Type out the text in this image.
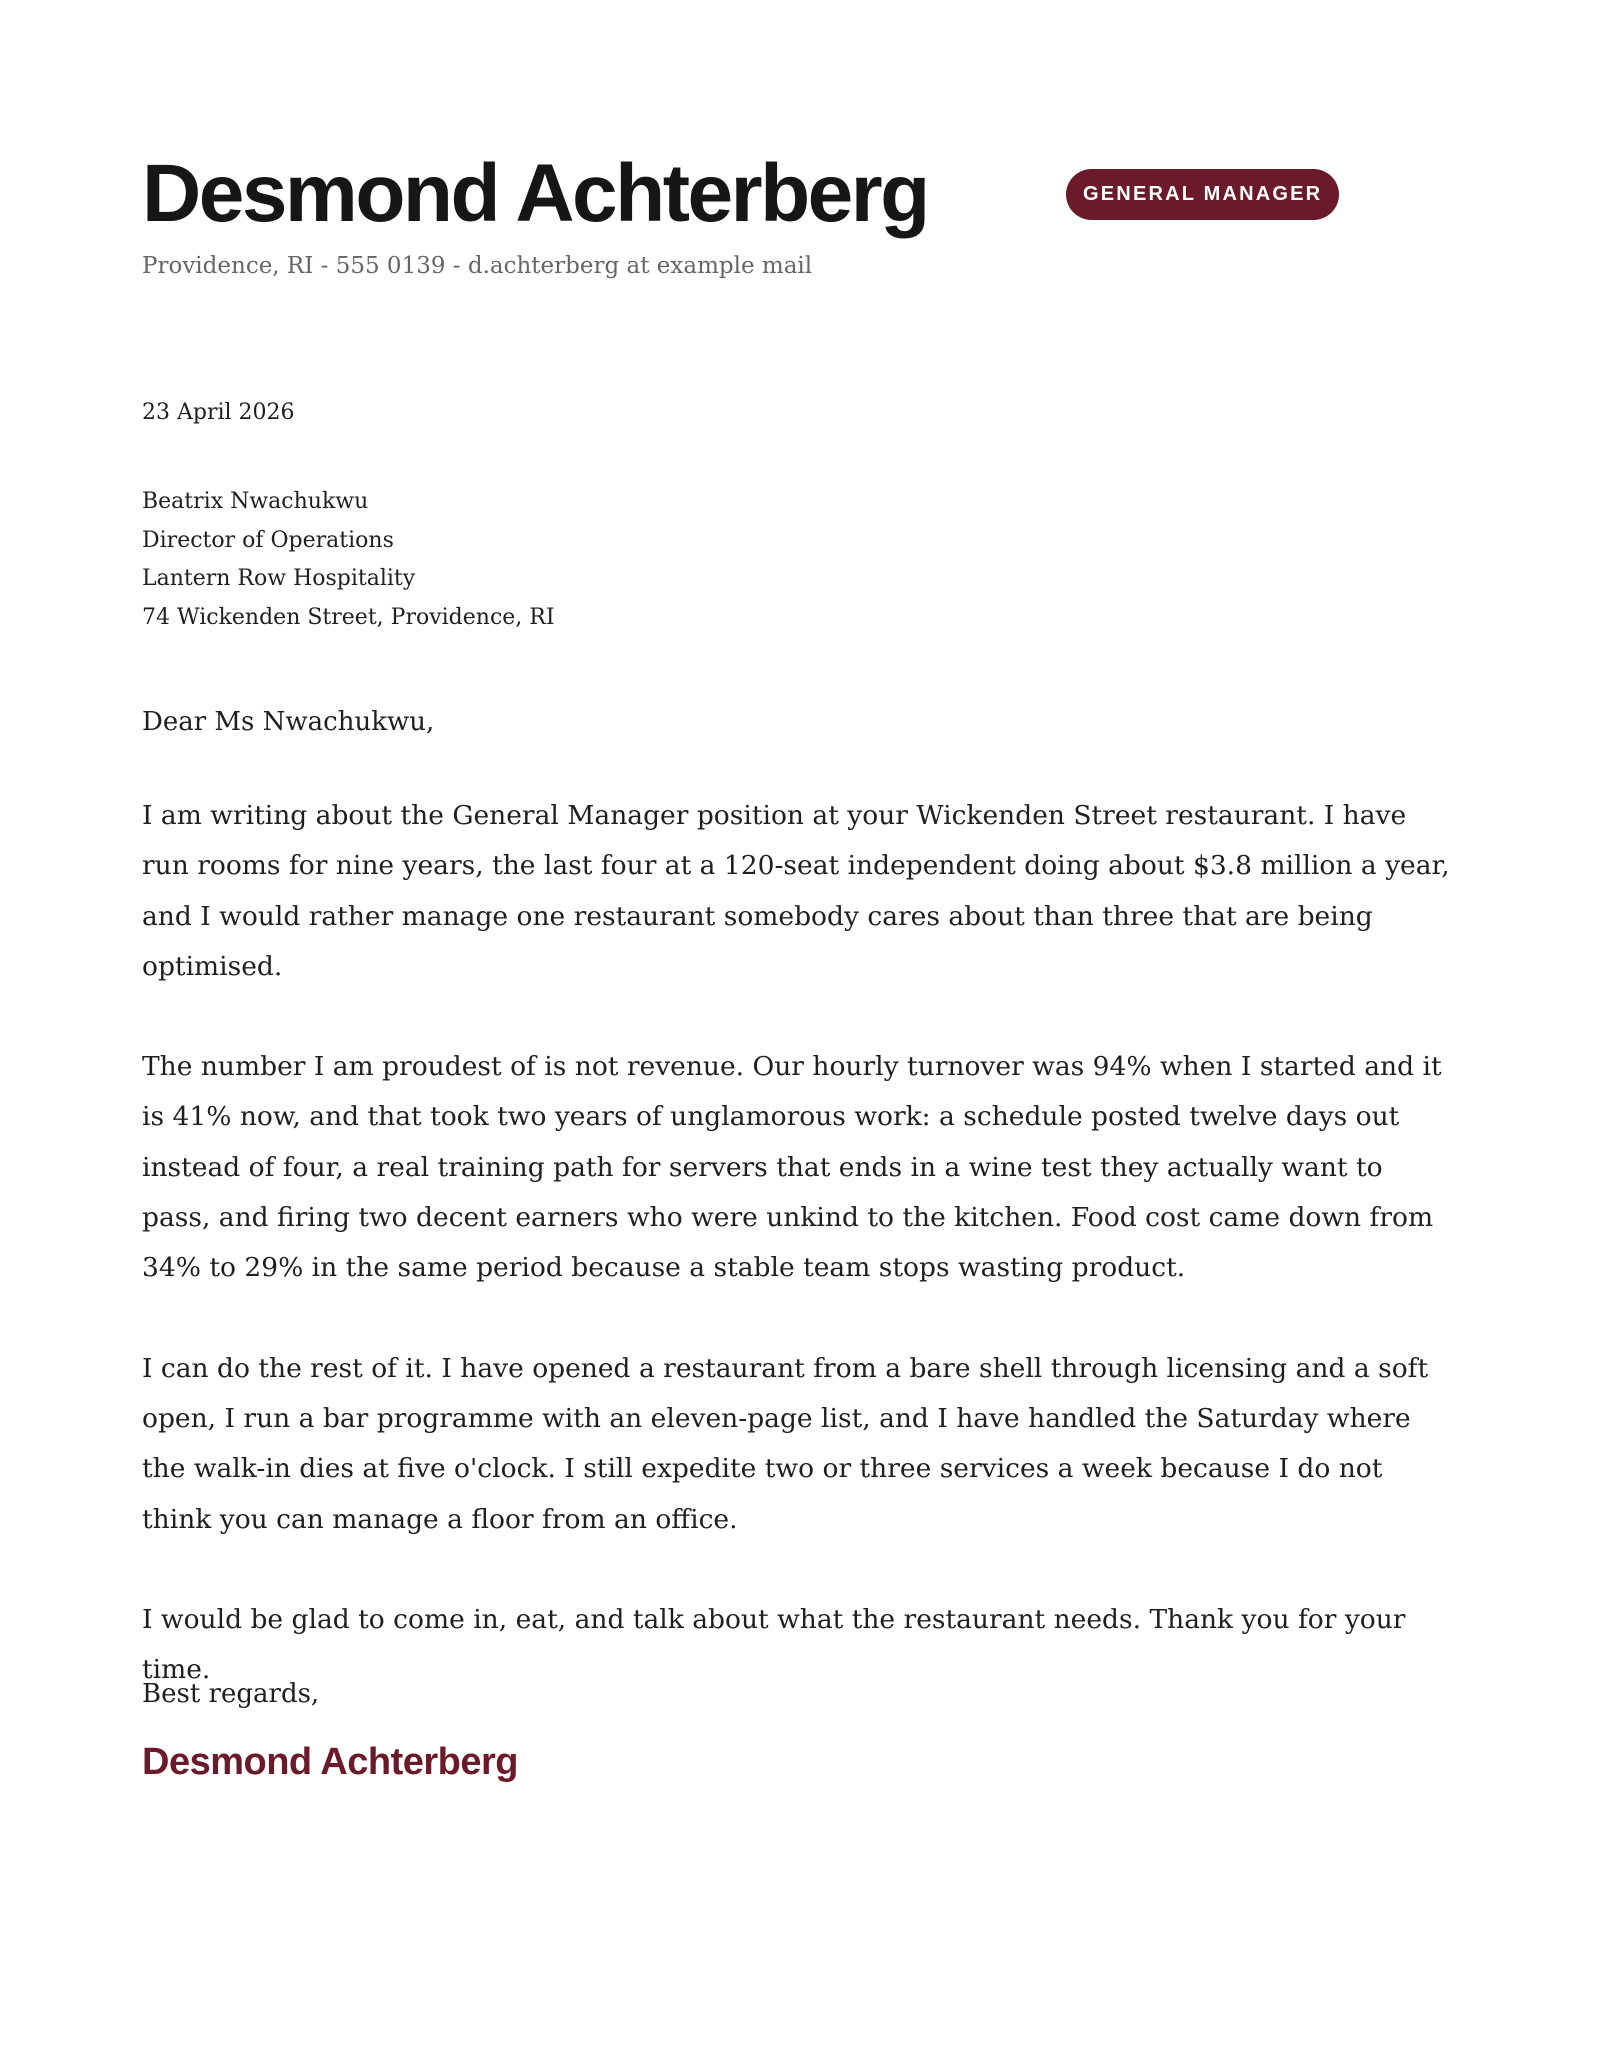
Desmond Achterberg	GENERAL MANAGER
Providence, RI - 555 0139 - d.achterberg at example mail
23 April 2026
Beatrix Nwachukwu
Director of Operations
Lantern Row Hospitality
74 Wickenden Street, Providence, RI
Dear Ms Nwachukwu,

I am writing about the General Manager position at your Wickenden Street restaurant. I have run rooms for nine years, the last four at a 120-seat independent doing about $3.8 million a year, and I would rather manage one restaurant somebody cares about than three that are being optimised.

The number I am proudest of is not revenue. Our hourly turnover was 94% when I started and it is 41% now, and that took two years of unglamorous work: a schedule posted twelve days out instead of four, a real training path for servers that ends in a wine test they actually want to pass, and firing two decent earners who were unkind to the kitchen. Food cost came down from 34% to 29% in the same period because a stable team stops wasting product.

I can do the rest of it. I have opened a restaurant from a bare shell through licensing and a soft open, I run a bar programme with an eleven-page list, and I have handled the Saturday where the walk-in dies at five o'clock. I still expedite two or three services a week because I do not think you can manage a floor from an office.

I would be glad to come in, eat, and talk about what the restaurant needs. Thank you for your time.

Best regards,
Desmond Achterberg
